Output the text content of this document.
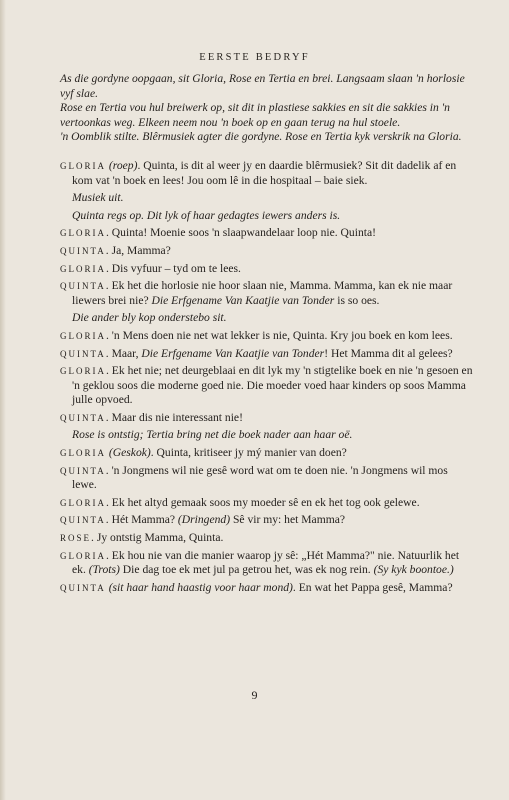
EERSTE BEDRYF

As die gordyne oopgaan, sit Gloria, Rose en Tertia en brei. Langsaam slaan 'n horlosie vyf slae.

Rose en Tertia vou hul breiwerk op, sit dit in plastiese sakkies en sit die sakkies in 'n vertoonkas weg. Elkeen neem nou 'n boek op en gaan terug na hul stoele.

'n Oomblik stilte. Blêrmusiek agter die gordyne. Rose en Tertia kyk verskrik na Gloria.

GLORIA (roep). Quinta, is dit al weer jy en daardie blêrmusiek? Sit dit dadelik af en kom vat 'n boek en lees! Jou oom lê in die hospitaal – baie siek.

Musiek uit.

Quinta regs op. Dit lyk of haar gedagtes iewers anders is.

GLORIA. Quinta! Moenie soos 'n slaapwandelaar loop nie. Quinta!

QUINTA. Ja, Mamma?

GLORIA. Dis vyfuur – tyd om te lees.

QUINTA. Ek het die horlosie nie hoor slaan nie, Mamma. Mamma, kan ek nie maar liewers brei nie? Die Erfgename Van Kaatjie van Tonder is so oes.

Die ander bly kop onderstebo sit.

GLORIA. 'n Mens doen nie net wat lekker is nie, Quinta. Kry jou boek en kom lees.

QUINTA. Maar, Die Erfgename Van Kaatjie van Tonder! Het Mamma dit al gelees?

GLORIA. Ek het nie; net deurgeblaai en dit lyk my 'n stigtelike boek en nie 'n gesoen en 'n geklou soos die moderne goed nie. Die moeder voed haar kinders op soos Mamma julle opvoed.

QUINTA. Maar dis nie interessant nie!

Rose is ontstig; Tertia bring net die boek nader aan haar oë.

GLORIA (Geskok). Quinta, kritiseer jy mý manier van doen?

QUINTA. 'n Jongmens wil nie gesê word wat om te doen nie. 'n Jongmens wil mos lewe.

GLORIA. Ek het altyd gemaak soos my moeder sê en ek het tog ook gelewe.

QUINTA. Hét Mamma? (Dringend) Sê vir my: het Mamma?

ROSE. Jy ontstig Mamma, Quinta.

GLORIA. Ek hou nie van die manier waarop jy sê: „Hét Mamma?" nie. Natuurlik het ek. (Trots) Die dag toe ek met jul pa getrou het, was ek nog rein. (Sy kyk boontoe.)

QUINTA (sit haar hand haastig voor haar mond). En wat het Pappa gesê, Mamma?

9
